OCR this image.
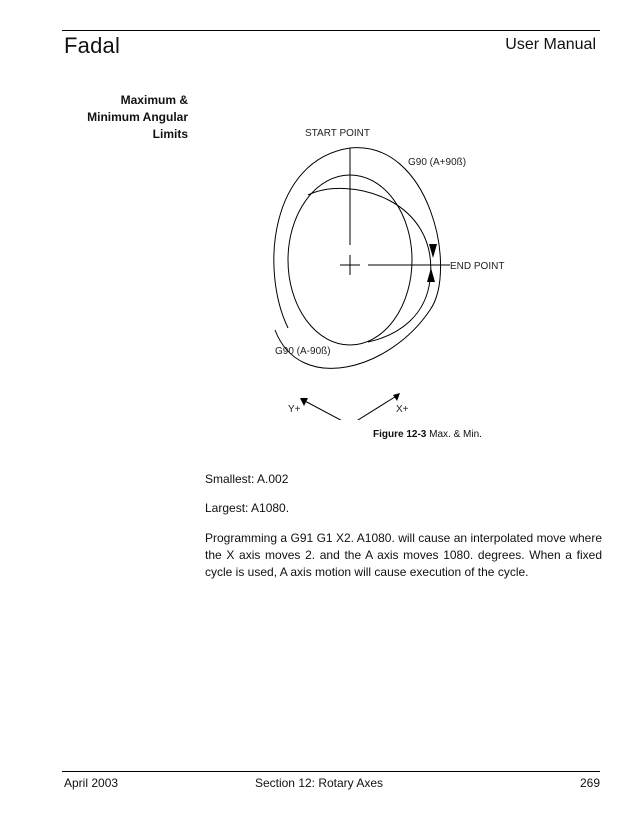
Fadal	User Manual
Maximum &
Minimum Angular
Limits	START POINT
G90 (A+90ß)
END POINT
G90 (A-90ß)
Y+	X+
Figure 12-3 Max. & Min.
Smallest: A.002
Largest: A1080.
Programming a G91 G1 X2. A1080. will cause an interpolated move where the X axis moves 2. and the A axis moves 1080. degrees. When a fixed cycle is used, A axis motion will cause execution of the cycle.
April 2003	Section 12: Rotary Axes	269
